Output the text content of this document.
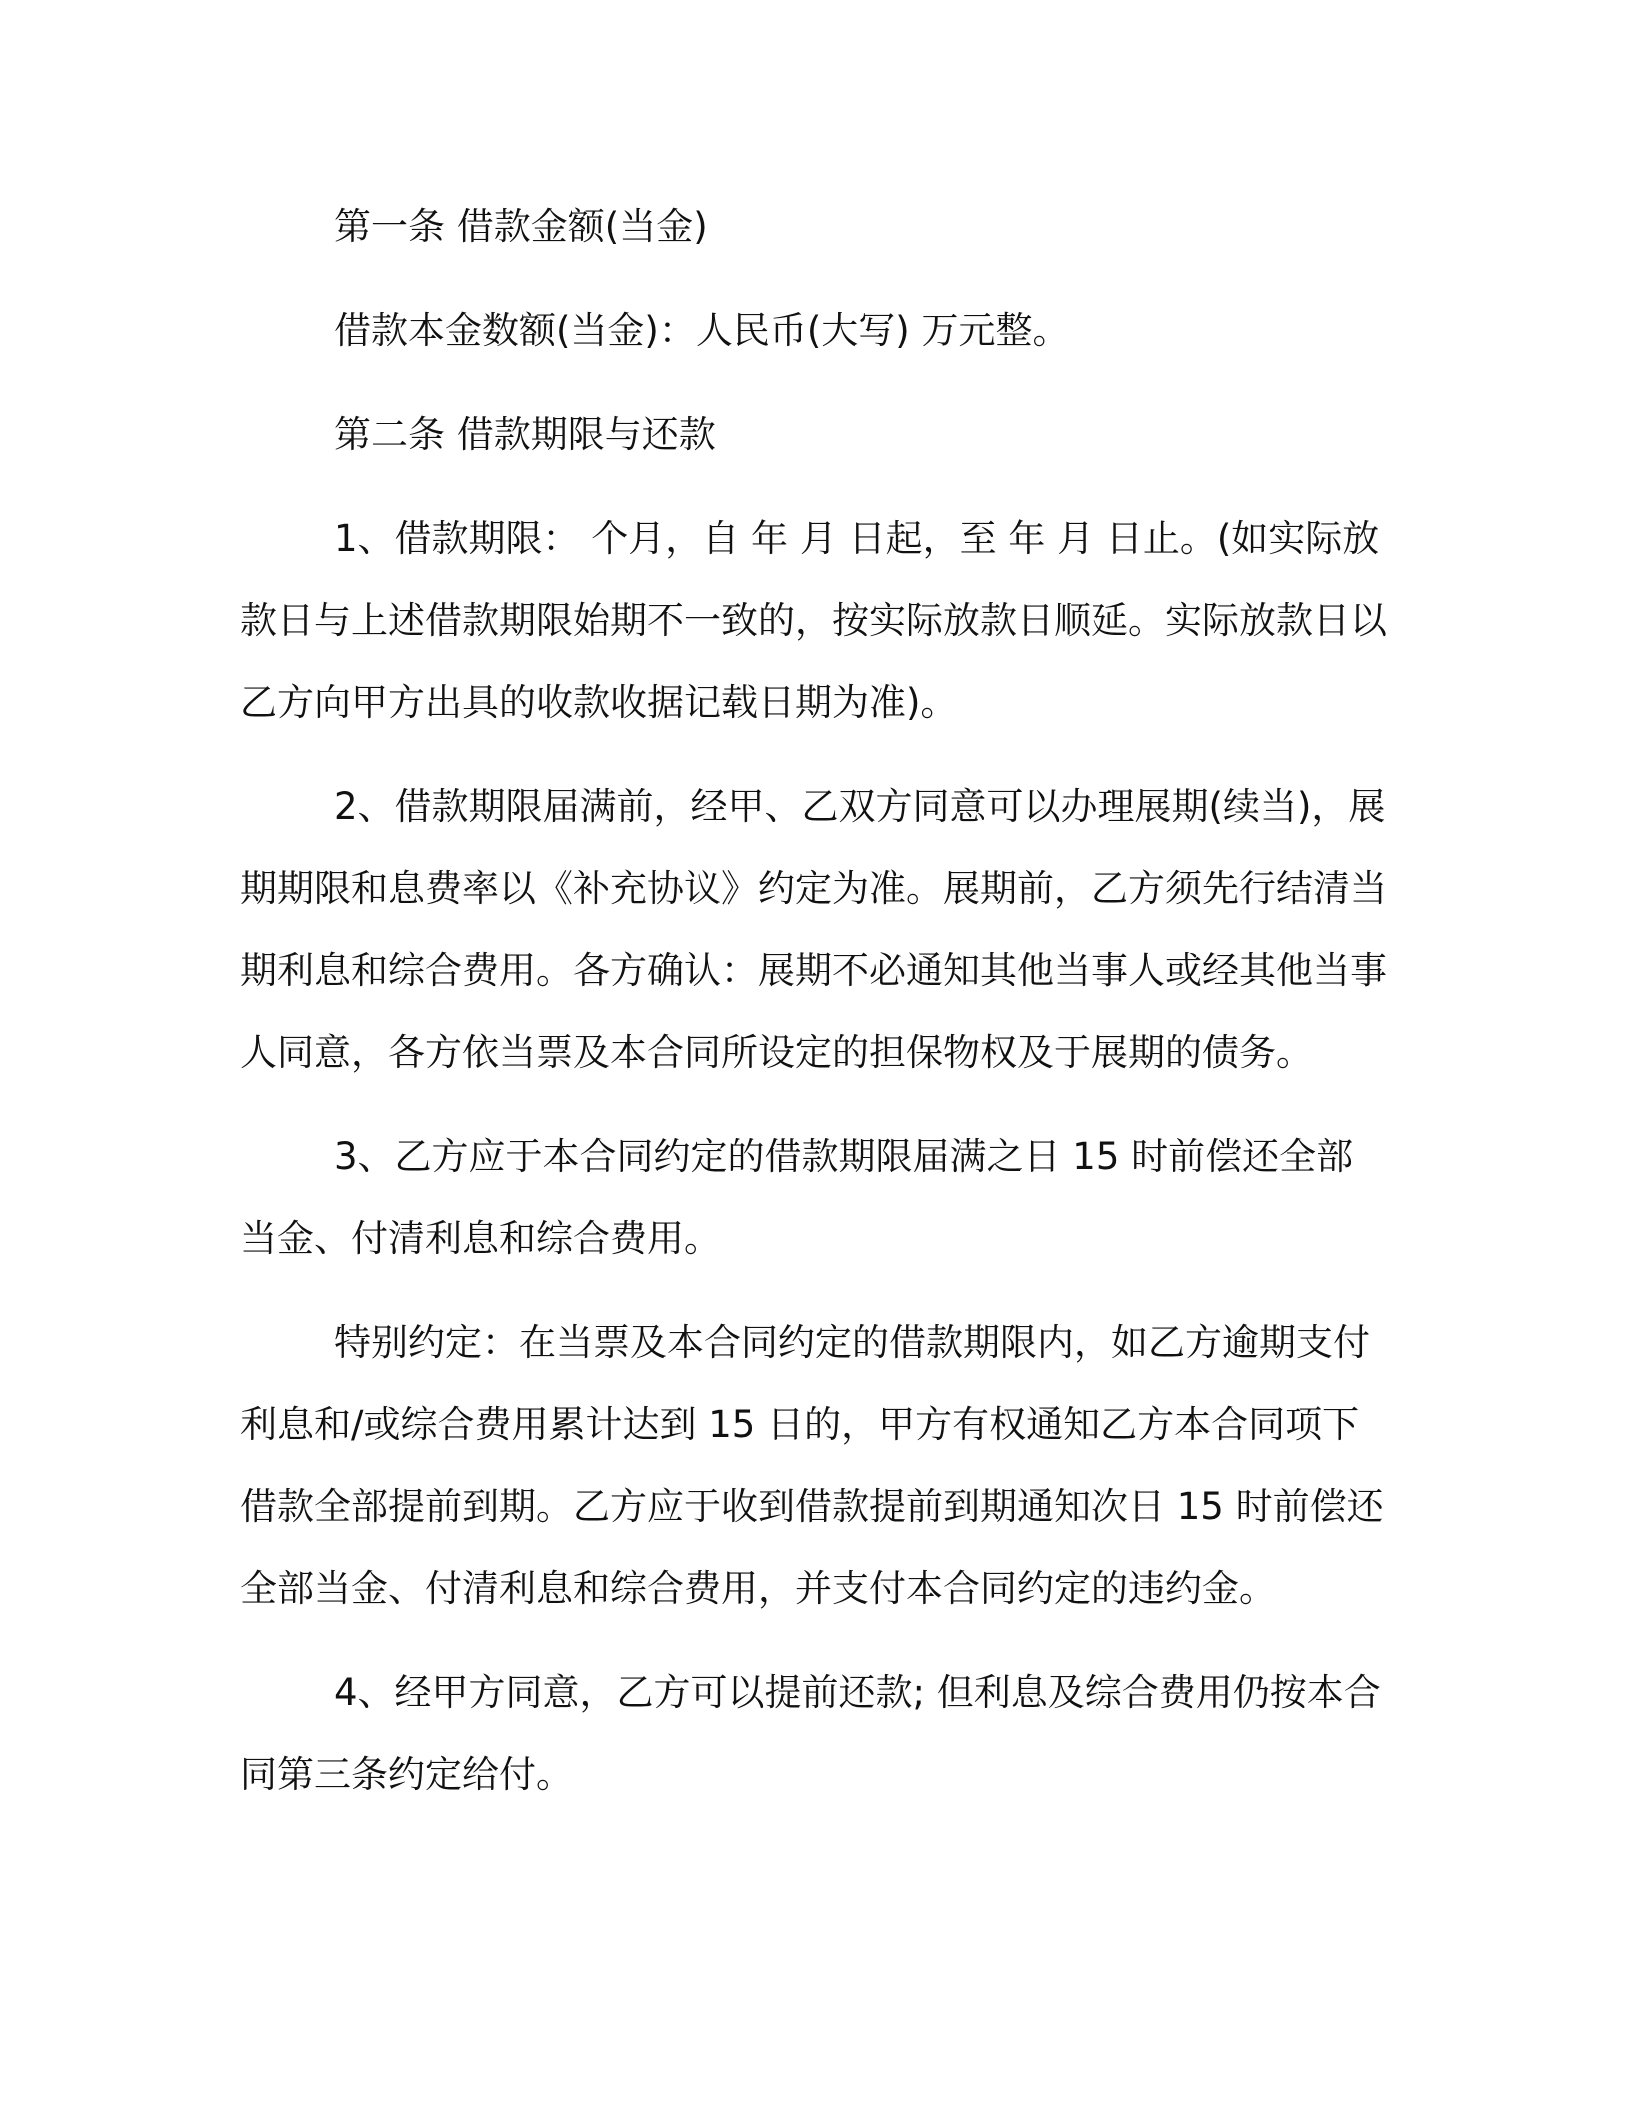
第一条 借款金额(当金)

借款本金数额(当金)：人民币(大写) 万元整。

第二条 借款期限与还款

1、借款期限： 个月，自 年 月 日起，至 年 月 日止。(如实际放款日与上述借款期限始期不一致的，按实际放款日顺延。实际放款日以乙方向甲方出具的收款收据记载日期为准)。

2、借款期限届满前，经甲、乙双方同意可以办理展期(续当)，展期期限和息费率以《补充协议》约定为准。展期前，乙方须先行结清当期利息和综合费用。各方确认：展期不必通知其他当事人或经其他当事人同意，各方依当票及本合同所设定的担保物权及于展期的债务。

3、乙方应于本合同约定的借款期限届满之日 15 时前偿还全部当金、付清利息和综合费用。

特别约定：在当票及本合同约定的借款期限内，如乙方逾期支付利息和/或综合费用累计达到 15 日的，甲方有权通知乙方本合同项下借款全部提前到期。乙方应于收到借款提前到期通知次日 15 时前偿还全部当金、付清利息和综合费用，并支付本合同约定的违约金。

4、经甲方同意，乙方可以提前还款; 但利息及综合费用仍按本合同第三条约定给付。
